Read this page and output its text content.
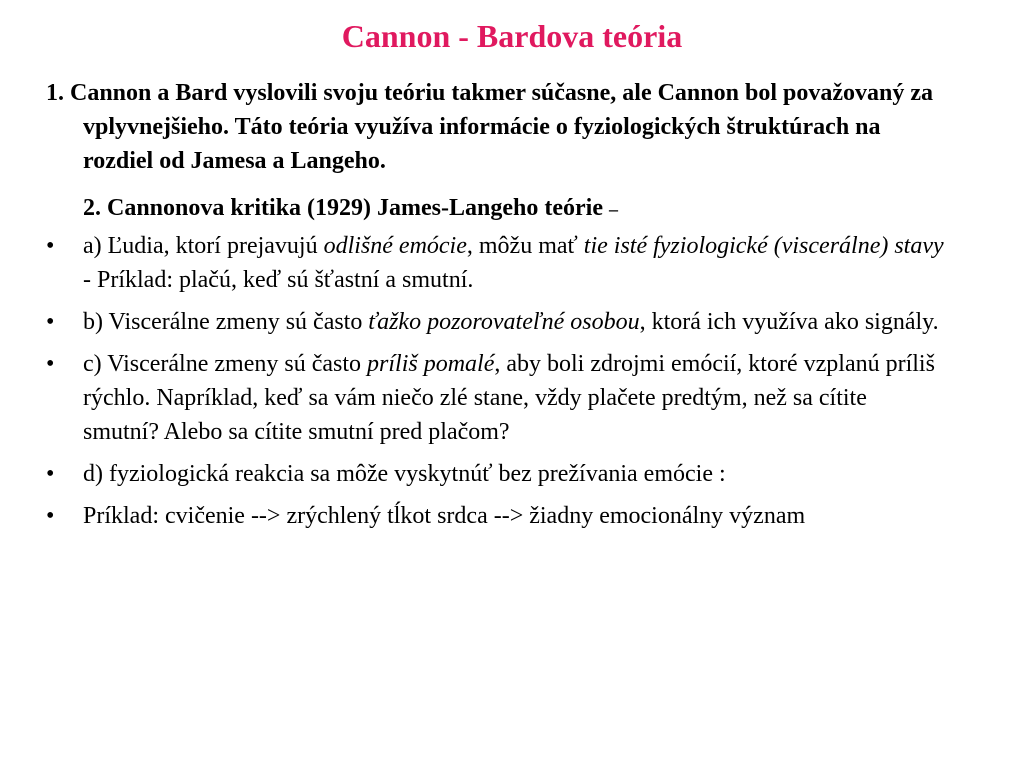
Cannon - Bardova teória

1. Cannon a Bard vyslovili svoju teóriu takmer súčasne, ale Cannon bol považovaný za vplyvnejšieho. Táto teória využíva informácie o fyziologických štruktúrach na rozdiel od Jamesa a Langeho.

2. Cannonova kritika (1929) James-Langeho teórie –

• a) Ľudia, ktorí prejavujú odlišné emócie, môžu mať tie isté fyziologické (viscerálne) stavy - Príklad: plačú, keď sú šťastní a smutní.
• b) Viscerálne zmeny sú často ťažko pozorovateľné osobou, ktorá ich využíva ako signály.
• c) Viscerálne zmeny sú často príliš pomalé, aby boli zdrojmi emócií, ktoré vzplanú príliš rýchlo. Napríklad, keď sa vám niečo zlé stane, vždy plačete predtým, než sa cítite smutní? Alebo sa cítite smutní pred plačom?
• d) fyziologická reakcia sa môže vyskytnúť bez prežívania emócie :
• Príklad: cvičenie --> zrýchlený tĺkot srdca --> žiadny emocionálny význam
